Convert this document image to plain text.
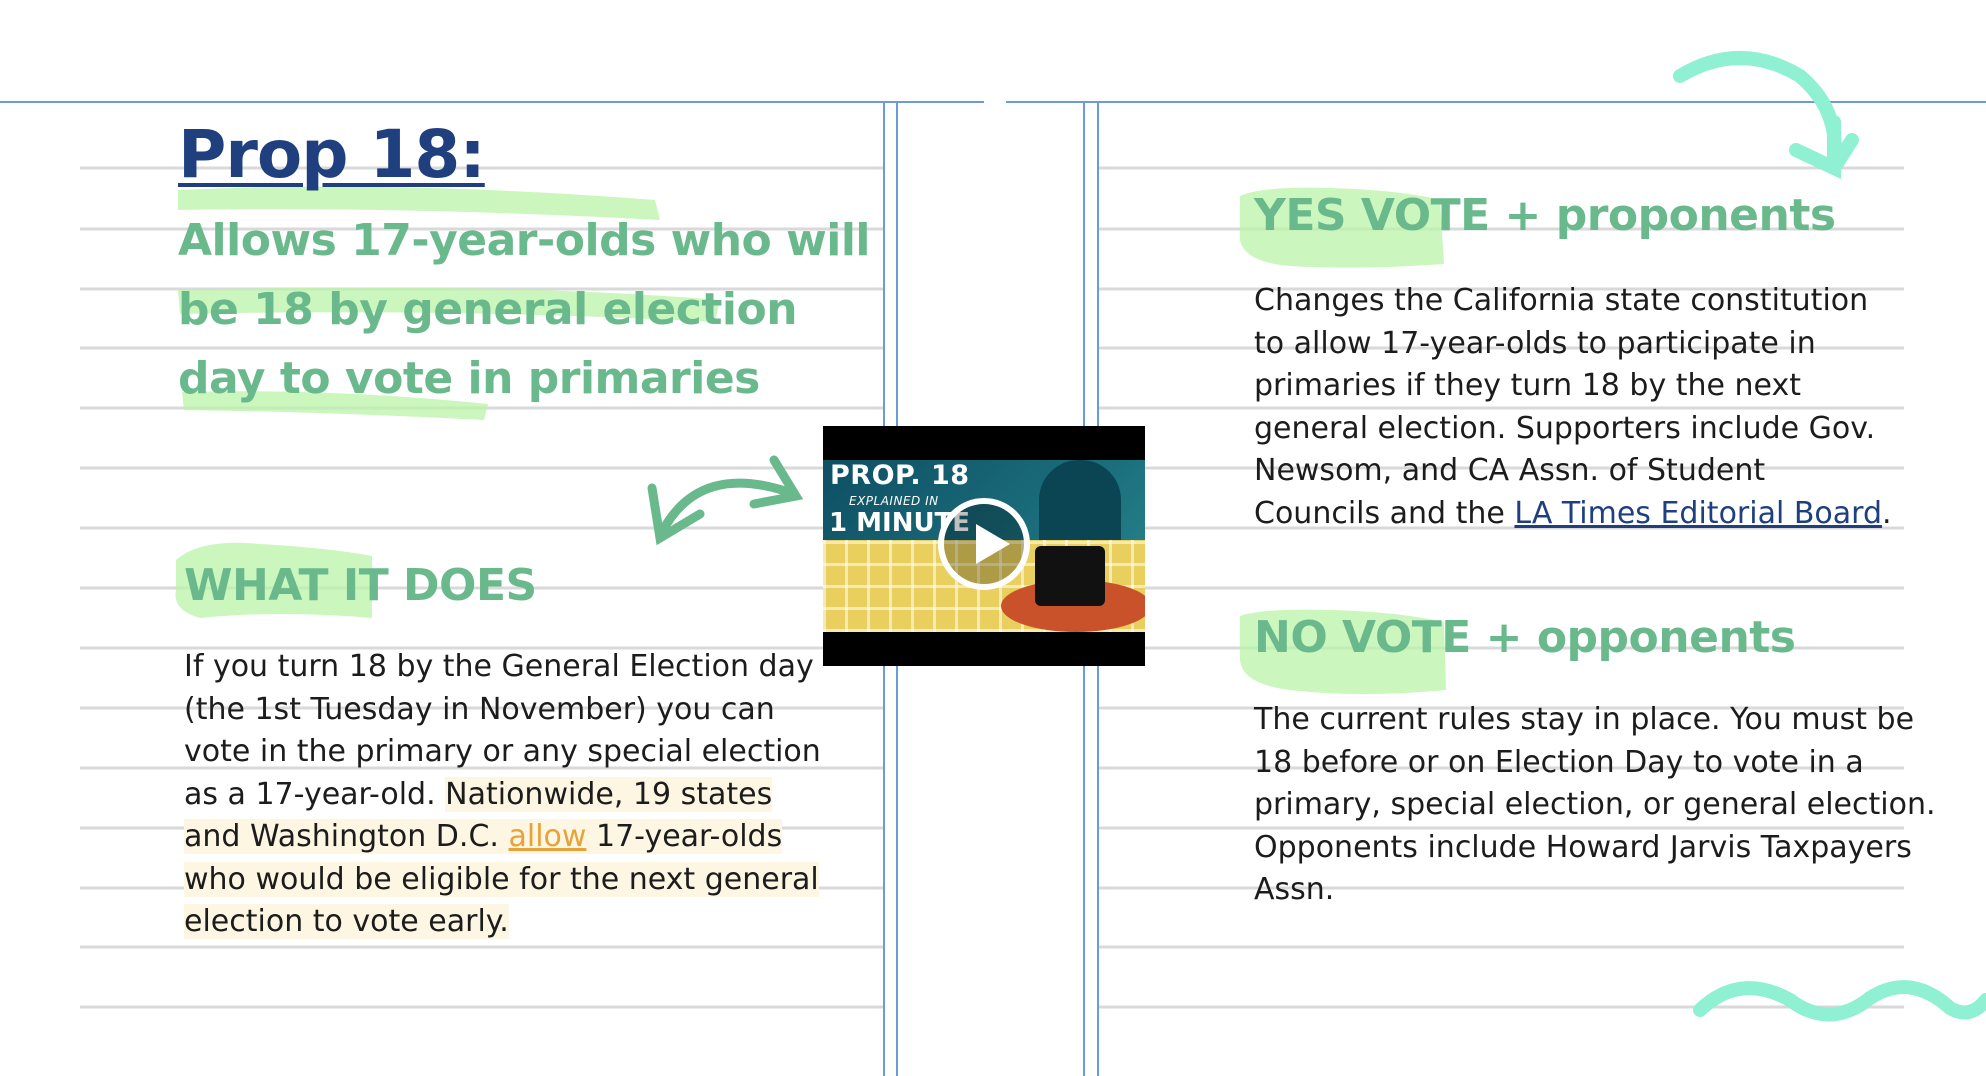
Prop 18:
Allows 17-year-olds who will be 18 by general election day to vote in primaries
WHAT IT DOES
If you turn 18 by the General Election day (the 1st Tuesday in November) you can vote in the primary or any special election as a 17-year-old. Nationwide, 19 states and Washington D.C. allow 17-year-olds who would be eligible for the next general election to vote early.
YES VOTE + proponents
Changes the California state constitution to allow 17-year-olds to participate in primaries if they turn 18 by the next general election. Supporters include Gov. Newsom, and CA Assn. of Student Councils and the LA Times Editorial Board.
NO VOTE + opponents
The current rules stay in place. You must be 18 before or on Election Day to vote in a primary, special election, or general election. Opponents include Howard Jarvis Taxpayers Assn.
PROP. 18
EXPLAINED IN
1 MINUTE
